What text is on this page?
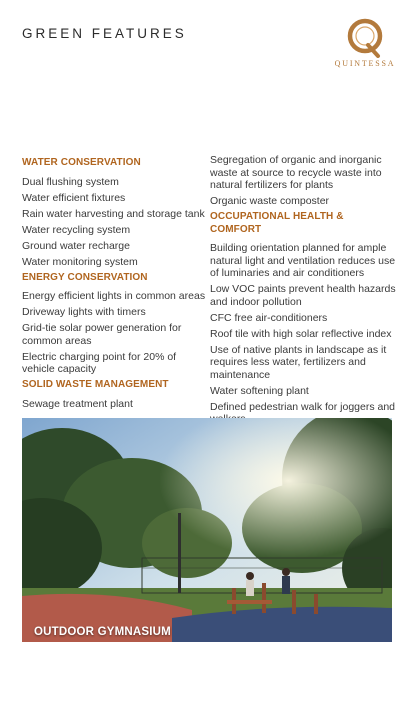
GREEN FEATURES
QUINTESSA
WATER CONSERVATION
Dual flushing system
Water efficient fixtures
Rain water harvesting and storage tank
Water recycling system
Ground water recharge
Water monitoring system
ENERGY CONSERVATION
Energy efficient lights in common areas
Driveway lights with timers
Grid-tie solar power generation for common areas
Electric charging point for 20% of vehicle capacity
SOLID WASTE MANAGEMENT
Sewage treatment plant
Segregation of organic and inorganic waste at source to recycle waste into natural fertilizers for plants
Organic waste composter
OCCUPATIONAL HEALTH & COMFORT
Building orientation planned for ample natural light and ventilation reduces use of luminaries and air conditioners
Low VOC paints prevent health hazards and indoor pollution
CFC free air-conditioners
Roof tile with high solar reflective index
Use of native plants in landscape as it requires less water, fertilizers and maintenance
Water softening plant
Defined pedestrian walk for joggers and
OUTDOOR GYMNASIUM
